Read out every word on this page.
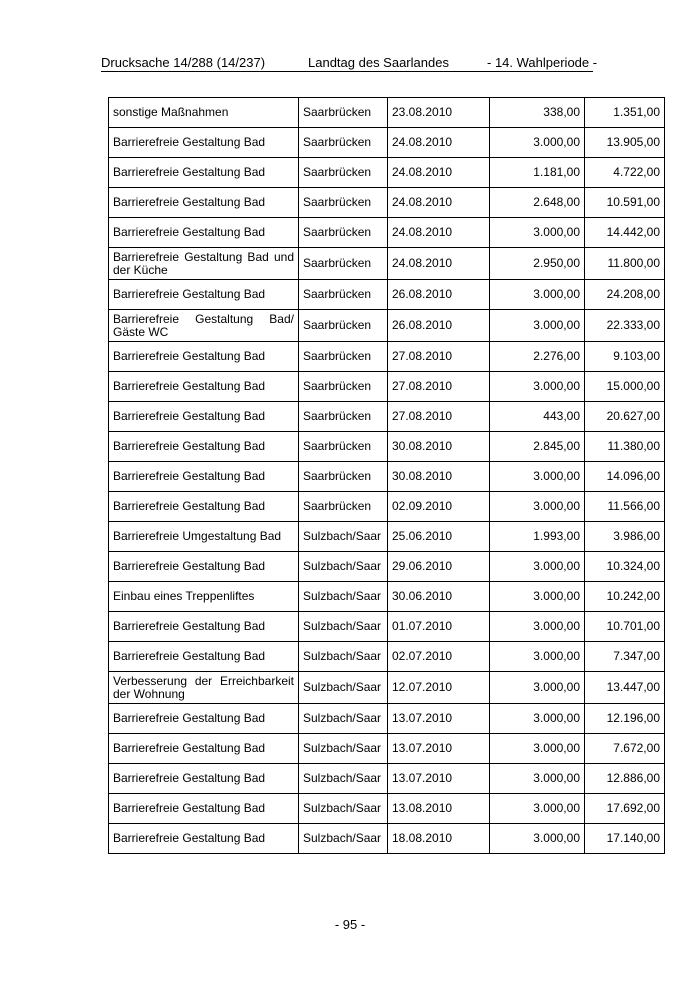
Drucksache 14/288 (14/237)	Landtag des Saarlandes	- 14. Wahlperiode -
sonstige Maßnahmen	Saarbrücken	23.08.2010	338,00	1.351,00
Barrierefreie Gestaltung Bad	Saarbrücken	24.08.2010	3.000,00	13.905,00
Barrierefreie Gestaltung Bad	Saarbrücken	24.08.2010	1.181,00	4.722,00
Barrierefreie Gestaltung Bad	Saarbrücken	24.08.2010	2.648,00	10.591,00
Barrierefreie Gestaltung Bad	Saarbrücken	24.08.2010	3.000,00	14.442,00
Barrierefreie Gestaltung Bad und der Küche	Saarbrücken	24.08.2010	2.950,00	11.800,00
Barrierefreie Gestaltung Bad	Saarbrücken	26.08.2010	3.000,00	24.208,00
Barrierefreie Gestaltung Bad/ Gäste WC	Saarbrücken	26.08.2010	3.000,00	22.333,00
Barrierefreie Gestaltung Bad	Saarbrücken	27.08.2010	2.276,00	9.103,00
Barrierefreie Gestaltung Bad	Saarbrücken	27.08.2010	3.000,00	15.000,00
Barrierefreie Gestaltung Bad	Saarbrücken	27.08.2010	443,00	20.627,00
Barrierefreie Gestaltung Bad	Saarbrücken	30.08.2010	2.845,00	11.380,00
Barrierefreie Gestaltung Bad	Saarbrücken	30.08.2010	3.000,00	14.096,00
Barrierefreie Gestaltung Bad	Saarbrücken	02.09.2010	3.000,00	11.566,00
Barrierefreie Umgestaltung Bad	Sulzbach/Saar	25.06.2010	1.993,00	3.986,00
Barrierefreie Gestaltung Bad	Sulzbach/Saar	29.06.2010	3.000,00	10.324,00
Einbau eines Treppenliftes	Sulzbach/Saar	30.06.2010	3.000,00	10.242,00
Barrierefreie Gestaltung Bad	Sulzbach/Saar	01.07.2010	3.000,00	10.701,00
Barrierefreie Gestaltung Bad	Sulzbach/Saar	02.07.2010	3.000,00	7.347,00
Verbesserung der Erreichbarkeit der Wohnung	Sulzbach/Saar	12.07.2010	3.000,00	13.447,00
Barrierefreie Gestaltung Bad	Sulzbach/Saar	13.07.2010	3.000,00	12.196,00
Barrierefreie Gestaltung Bad	Sulzbach/Saar	13.07.2010	3.000,00	7.672,00
Barrierefreie Gestaltung Bad	Sulzbach/Saar	13.07.2010	3.000,00	12.886,00
Barrierefreie Gestaltung Bad	Sulzbach/Saar	13.08.2010	3.000,00	17.692,00
Barrierefreie Gestaltung Bad	Sulzbach/Saar	18.08.2010	3.000,00	17.140,00
- 95 -
